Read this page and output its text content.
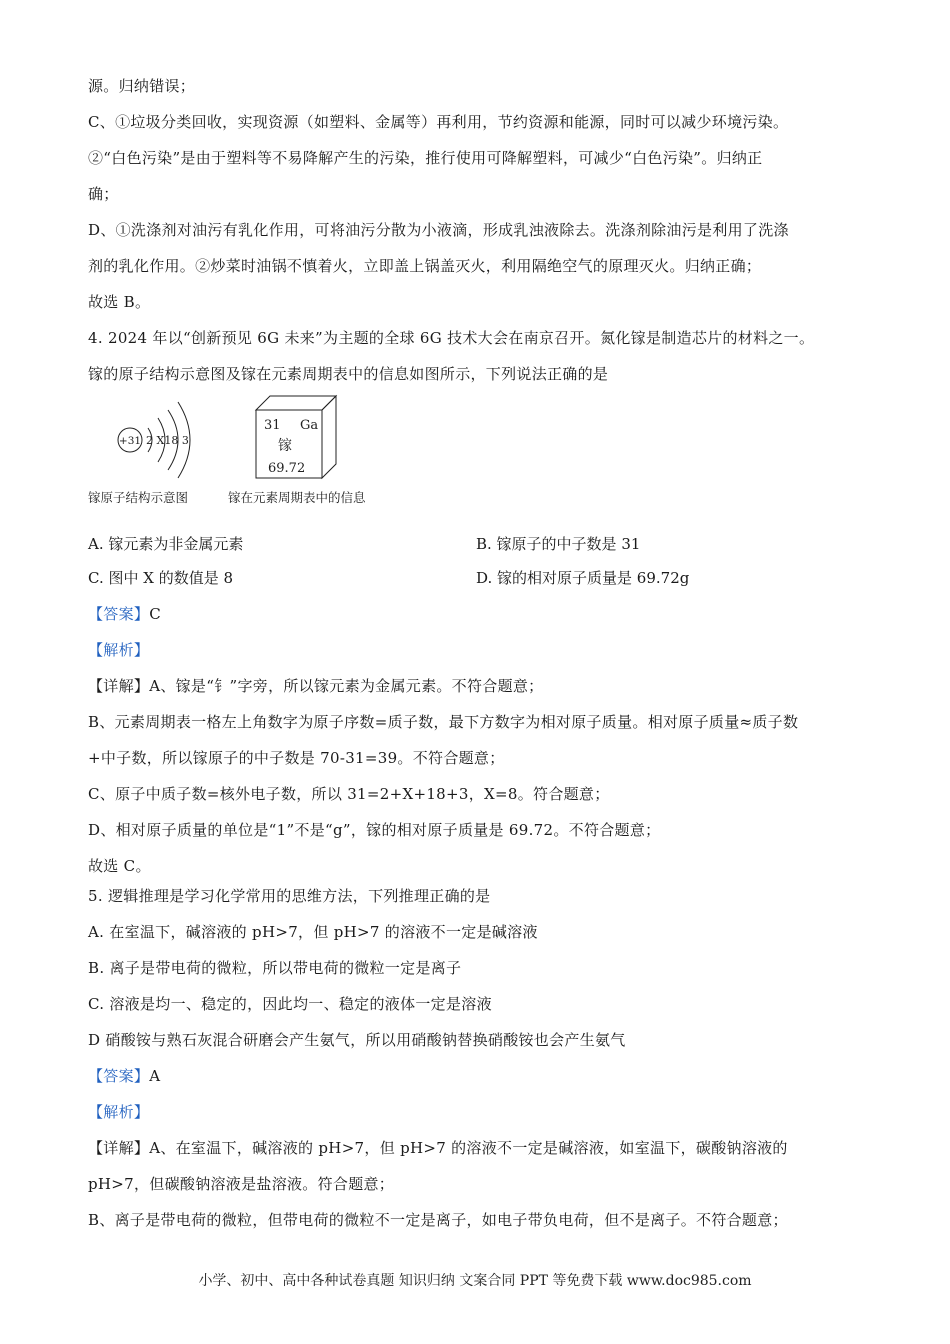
源。归纳错误；
C、①垃圾分类回收，实现资源（如塑料、金属等）再利用，节约资源和能源，同时可以减少环境污染。
②“白色污染”是由于塑料等不易降解产生的污染，推行使用可降解塑料，可减少“白色污染”。归纳正
确；
D、①洗涤剂对油污有乳化作用，可将油污分散为小液滴，形成乳浊液除去。洗涤剂除油污是利用了洗涤
剂的乳化作用。②炒菜时油锅不慎着火，立即盖上锅盖灭火，利用隔绝空气的原理灭火。归纳正确；
故选 B。
4. 2024 年以“创新预见 6G 未来”为主题的全球 6G 技术大会在南京召开。氮化镓是制造芯片的材料之一。
镓的原子结构示意图及镓在元素周期表中的信息如图所示，下列说法正确的是
+31 2 X18 3
31 Ga
镓
69.72
镓原子结构示意图	镓在元素周期表中的信息
A. 镓元素为非金属元素	B. 镓原子的中子数是 31
C. 图中 X 的数值是 8	D. 镓的相对原子质量是 69.72g
【答案】C
【解析】
【详解】A、镓是“钅”字旁，所以镓元素为金属元素。不符合题意；
B、元素周期表一格左上角数字为原子序数=质子数，最下方数字为相对原子质量。相对原子质量≈质子数
+中子数，所以镓原子的中子数是 70-31=39。不符合题意；
C、原子中质子数=核外电子数，所以 31=2+X+18+3，X=8。符合题意；
D、相对原子质量的单位是“1”不是“g”，镓的相对原子质量是 69.72。不符合题意；
故选 C。
5. 逻辑推理是学习化学常用的思维方法，下列推理正确的是
A. 在室温下，碱溶液的 pH>7，但 pH>7 的溶液不一定是碱溶液
B. 离子是带电荷的微粒，所以带电荷的微粒一定是离子
C. 溶液是均一、稳定的，因此均一、稳定的液体一定是溶液
D 硝酸铵与熟石灰混合研磨会产生氨气，所以用硝酸钠替换硝酸铵也会产生氨气
【答案】A
【解析】
【详解】A、在室温下，碱溶液的 pH>7，但 pH>7 的溶液不一定是碱溶液，如室温下，碳酸钠溶液的
pH>7，但碳酸钠溶液是盐溶液。符合题意；
B、离子是带电荷的微粒，但带电荷的微粒不一定是离子，如电子带负电荷，但不是离子。不符合题意；
小学、初中、高中各种试卷真题 知识归纳 文案合同 PPT 等免费下载 www.doc985.com
